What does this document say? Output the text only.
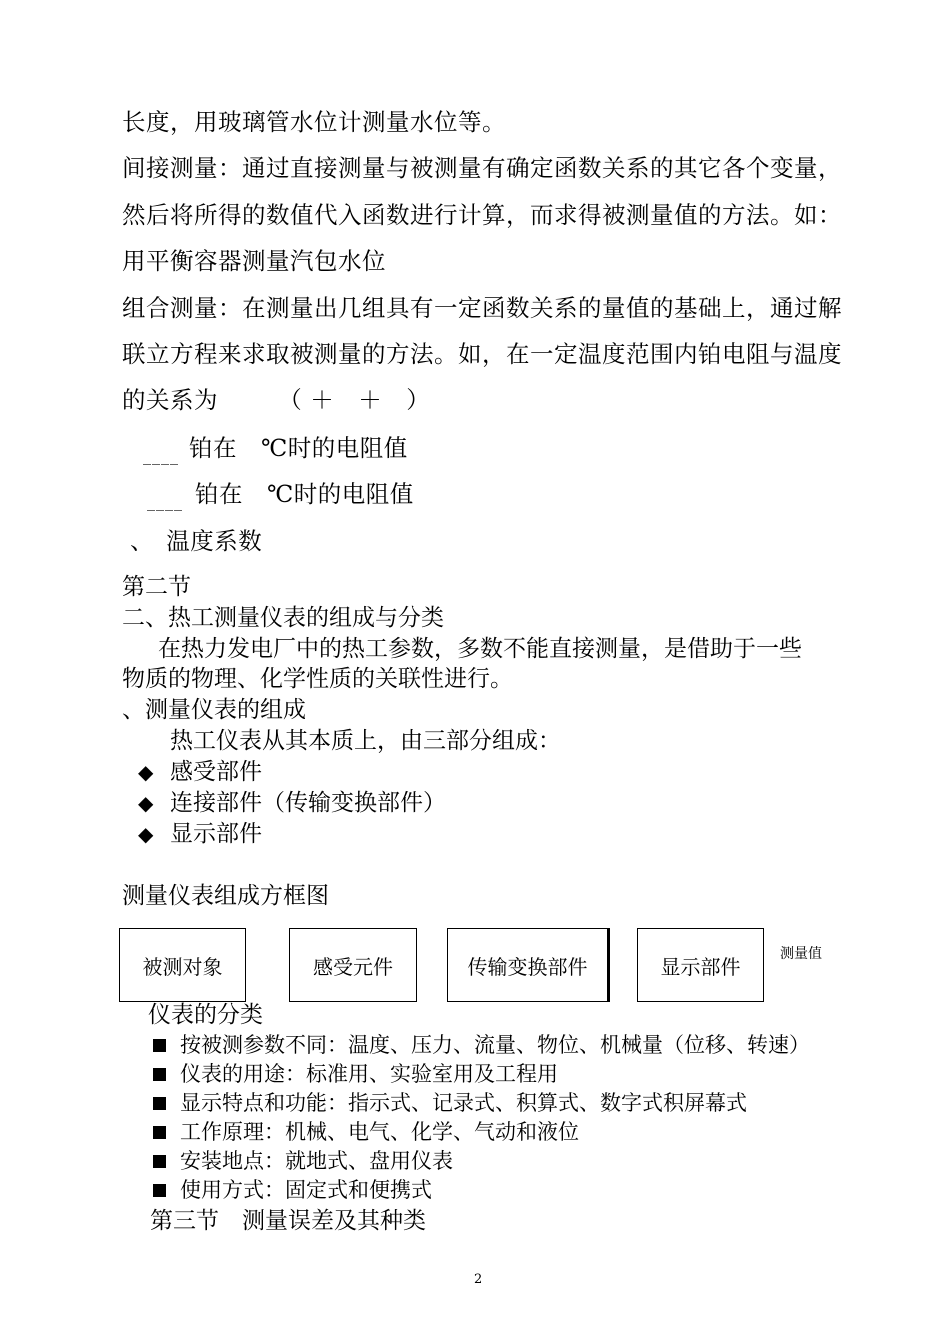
长度，用玻璃管水位计测量水位等。
间接测量：通过直接测量与被测量有确定函数关系的其它各个变量，
然后将所得的数值代入函数进行计算，而求得被测量值的方法。如：
用平衡容器测量汽包水位
组合测量：在测量出几组具有一定函数关系的量值的基础上，通过解
联立方程来求取被测量的方法。如，在一定温度范围内铂电阻与温度
的关系为　　　（ ＋　＋　）
____ 铂在　℃时的电阻值
____ 铂在　℃时的电阻值
、　温度系数
第二节
二、热工测量仪表的组成与分类
在热力发电厂中的热工参数，多数不能直接测量，是借助于一些
物质的物理、化学性质的关联性进行。
、测量仪表的组成
热工仪表从其本质上，由三部分组成：
◆ 感受部件
◆ 连接部件（传输变换部件）
◆ 显示部件
测量仪表组成方框图
被测对象	感受元件	传输变换部件	显示部件
测量值
仪表的分类
按被测参数不同：温度、压力、流量、物位、机械量（位移、转速）
仪表的用途：标准用、实验室用及工程用
显示特点和功能：指示式、记录式、积算式、数字式积屏幕式
工作原理：机械、电气、化学、气动和液位
安装地点：就地式、盘用仪表
使用方式：固定式和便携式
第三节　测量误差及其种类
2
